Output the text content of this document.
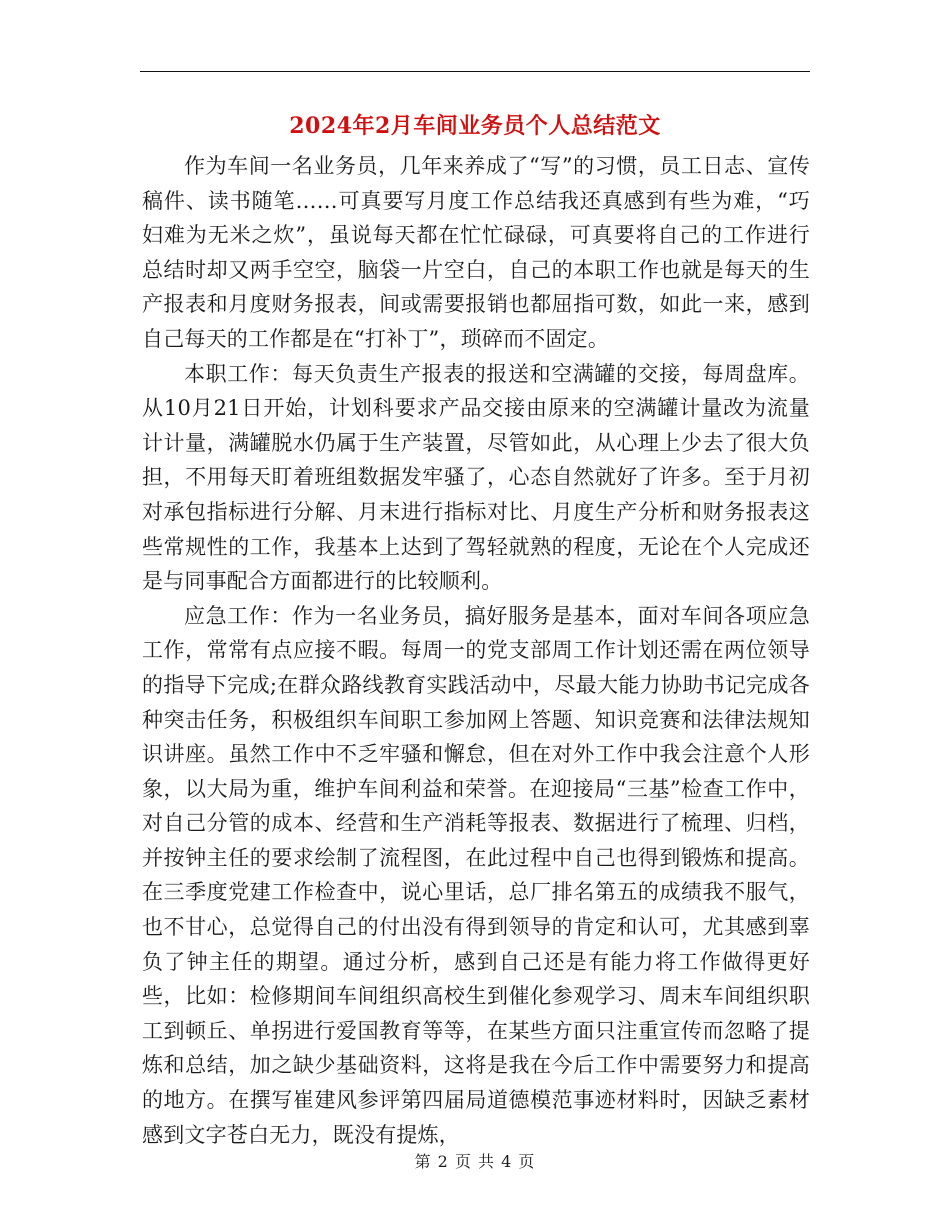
2024年2月车间业务员个人总结范文

作为车间一名业务员，几年来养成了“写”的习惯，员工日志、宣传稿件、读书随笔……可真要写月度工作总结我还真感到有些为难，“巧妇难为无米之炊”，虽说每天都在忙忙碌碌，可真要将自己的工作进行总结时却又两手空空，脑袋一片空白，自己的本职工作也就是每天的生产报表和月度财务报表，间或需要报销也都屈指可数，如此一来，感到自己每天的工作都是在“打补丁”，琐碎而不固定。

本职工作：每天负责生产报表的报送和空满罐的交接，每周盘库。从10月21日开始，计划科要求产品交接由原来的空满罐计量改为流量计计量，满罐脱水仍属于生产装置，尽管如此，从心理上少去了很大负担，不用每天盯着班组数据发牢骚了，心态自然就好了许多。至于月初对承包指标进行分解、月末进行指标对比、月度生产分析和财务报表这些常规性的工作，我基本上达到了驾轻就熟的程度，无论在个人完成还是与同事配合方面都进行的比较顺利。

应急工作：作为一名业务员，搞好服务是基本，面对车间各项应急工作，常常有点应接不暇。每周一的党支部周工作计划还需在两位领导的指导下完成;在群众路线教育实践活动中，尽最大能力协助书记完成各种突击任务，积极组织车间职工参加网上答题、知识竞赛和法律法规知识讲座。虽然工作中不乏牢骚和懈怠，但在对外工作中我会注意个人形象，以大局为重，维护车间利益和荣誉。在迎接局“三基”检查工作中，对自己分管的成本、经营和生产消耗等报表、数据进行了梳理、归档，并按钟主任的要求绘制了流程图，在此过程中自己也得到锻炼和提高。在三季度党建工作检查中，说心里话，总厂排名第五的成绩我不服气，也不甘心，总觉得自己的付出没有得到领导的肯定和认可，尤其感到辜负了钟主任的期望。通过分析，感到自己还是有能力将工作做得更好些，比如：检修期间车间组织高校生到催化参观学习、周末车间组织职工到顿丘、单拐进行爱国教育等等，在某些方面只注重宣传而忽略了提炼和总结，加之缺少基础资料，这将是我在今后工作中需要努力和提高的地方。在撰写崔建风参评第四届局道德模范事迹材料时，因缺乏素材感到文字苍白无力，既没有提炼，

第 2 页 共 4 页
